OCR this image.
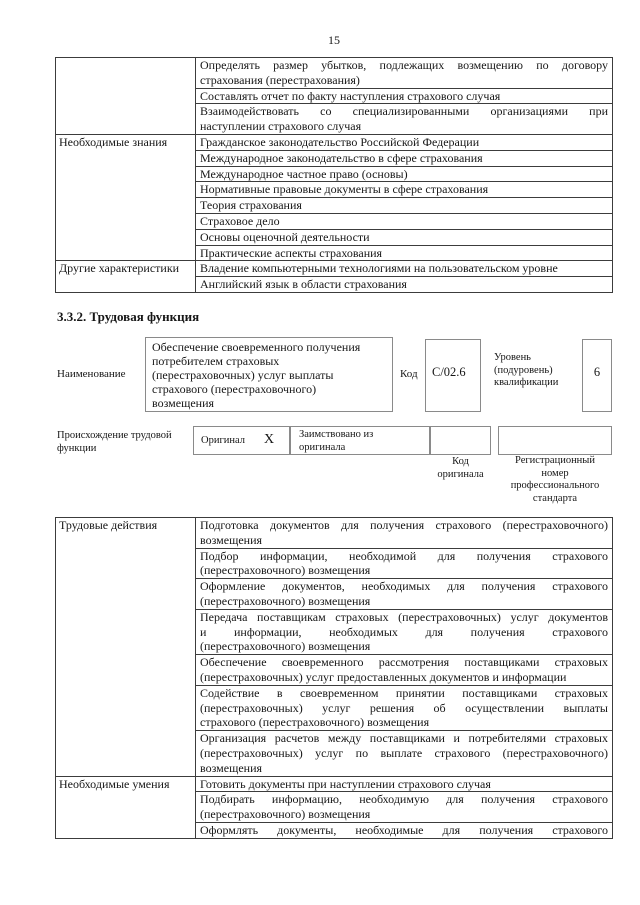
15

	Определять размер убытков, подлежащих возмещению по договору
страхования (перестрахования)

	Составлять отчет по факту наступления страхового случая

	Взаимодействовать со специализированными организациями при
наступлении страхового случая

Необходимые знания	Гражданское законодательство Российской Федерации

	Международное законодательство в сфере страхования

	Международное частное право (основы)

	Нормативные правовые документы в сфере страхования

	Теория страхования

	Страховое дело

	Основы оценочной деятельности

	Практические аспекты страхования

Другие характеристики	Владение компьютерными технологиями на пользовательском уровне

	Английский язык в области страхования
3.3.2. Трудовая функция
Наименование
Обеспечение своевременного получения
потребителем страховых
(перестраховочных) услуг выплаты
страхового (перестраховочного)
возмещения
Код C/02.6
Уровень
(подуровень)
квалификации
6
Происхождение трудовой
функции
Оригинал X Заимствовано из
оригинала
Код
оригинала
Регистрационный
номер
профессионального
стандарта
Трудовые действия	Подготовка документов для получения страхового (перестраховочного)
возмещения

	Подбор информации, необходимой для получения страхового
(перестраховочного) возмещения

	Оформление документов, необходимых для получения страхового
(перестраховочного) возмещения

	Передача поставщикам страховых (перестраховочных) услуг документов
и информации, необходимых для получения страхового
(перестраховочного) возмещения

	Обеспечение своевременного рассмотрения поставщиками страховых
(перестраховочных) услуг предоставленных документов и информации

	Содействие в своевременном принятии поставщиками страховых
(перестраховочных) услуг решения об осуществлении выплаты
страхового (перестраховочного) возмещения

	Организация расчетов между поставщиками и потребителями страховых
(перестраховочных) услуг по выплате страхового (перестраховочного)
возмещения

Необходимые умения	Готовить документы при наступлении страхового случая

	Подбирать информацию, необходимую для получения страхового
(перестраховочного) возмещения

	Оформлять документы, необходимые для получения страхового
